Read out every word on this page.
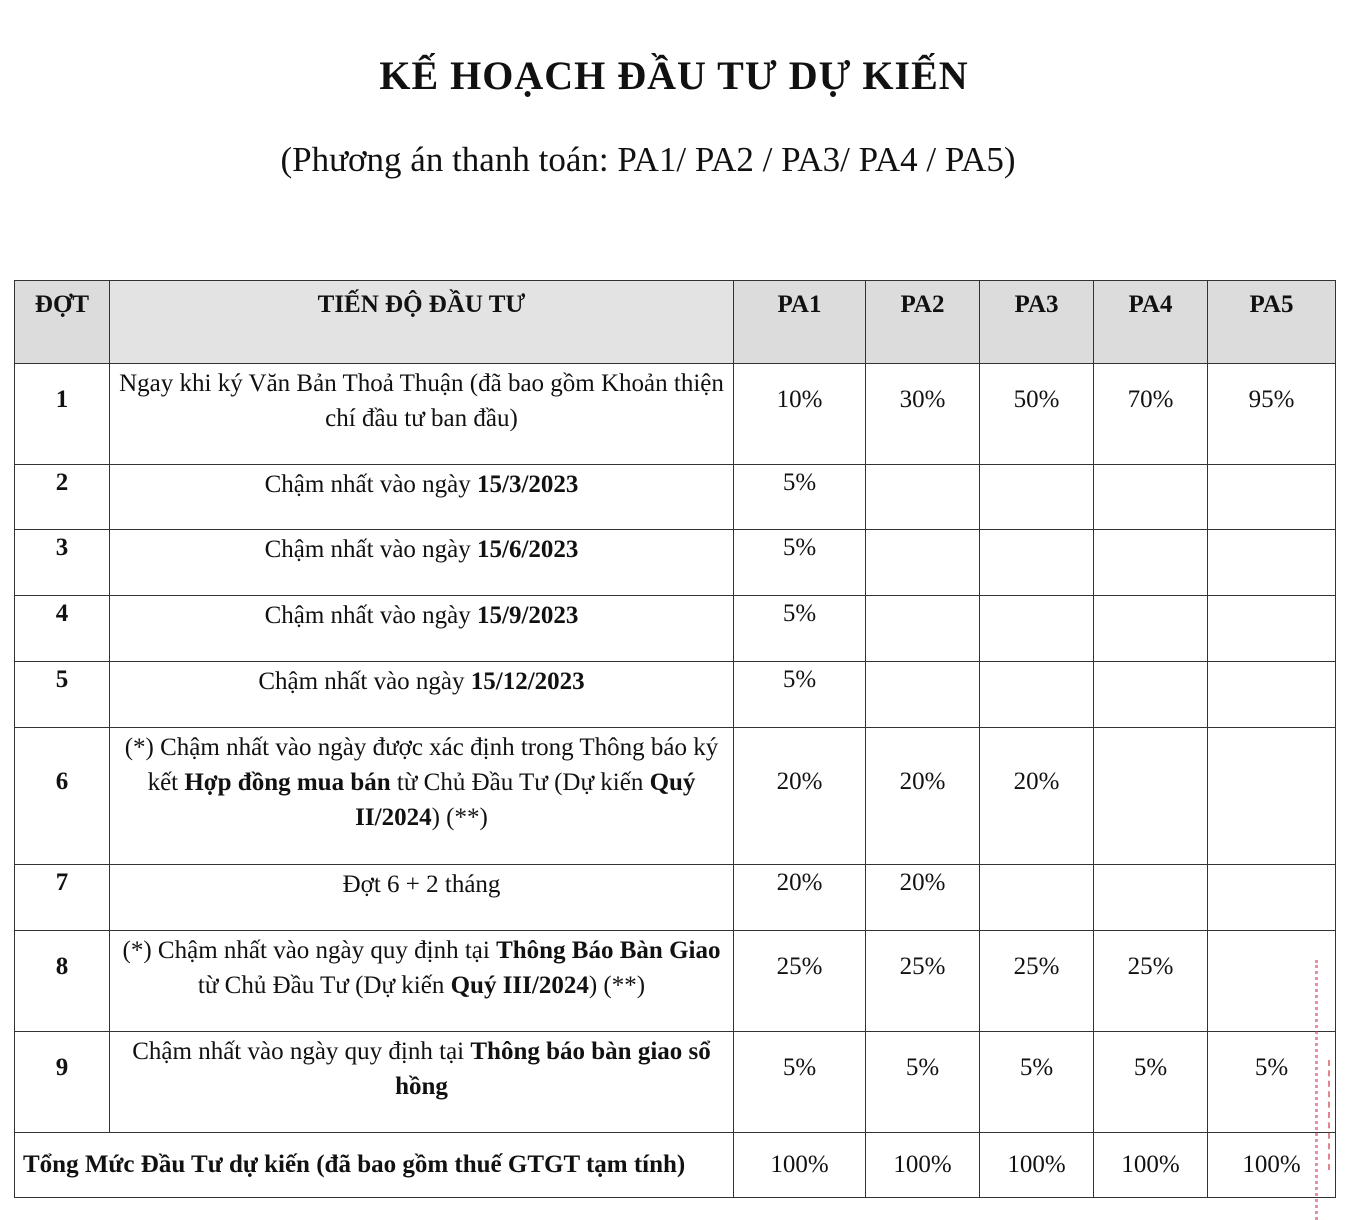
KẾ HOẠCH ĐẦU TƯ DỰ KIẾN
(Phương án thanh toán: PA1/ PA2 / PA3/ PA4 / PA5)
ĐỢT	TIẾN ĐỘ ĐẦU TƯ	PA1	PA2	PA3	PA4	PA5

1	Ngay khi ký Văn Bản Thoả Thuận (đã bao gồm Khoản thiện chí đầu tư ban đầu)	10%	30%	50%	70%	95%

2	Chậm nhất vào ngày 15/3/2023	5%				

3	Chậm nhất vào ngày 15/6/2023	5%				

4	Chậm nhất vào ngày 15/9/2023	5%				

5	Chậm nhất vào ngày 15/12/2023	5%				

6	(*) Chậm nhất vào ngày được xác định trong Thông báo ký kết Hợp đồng mua bán từ Chủ Đầu Tư (Dự kiến Quý II/2024) (**)	20%	20%	20%		

7	Đợt 6 + 2 tháng	20%	20%			

8	(*) Chậm nhất vào ngày quy định tại Thông Báo Bàn Giao từ Chủ Đầu Tư (Dự kiến Quý III/2024) (**)	25%	25%	25%	25%	

9	Chậm nhất vào ngày quy định tại Thông báo bàn giao sổ hồng	5%	5%	5%	5%	5%

Tổng Mức Đầu Tư dự kiến (đã bao gồm thuế GTGT tạm tính)		100%	100%	100%	100%	100%
